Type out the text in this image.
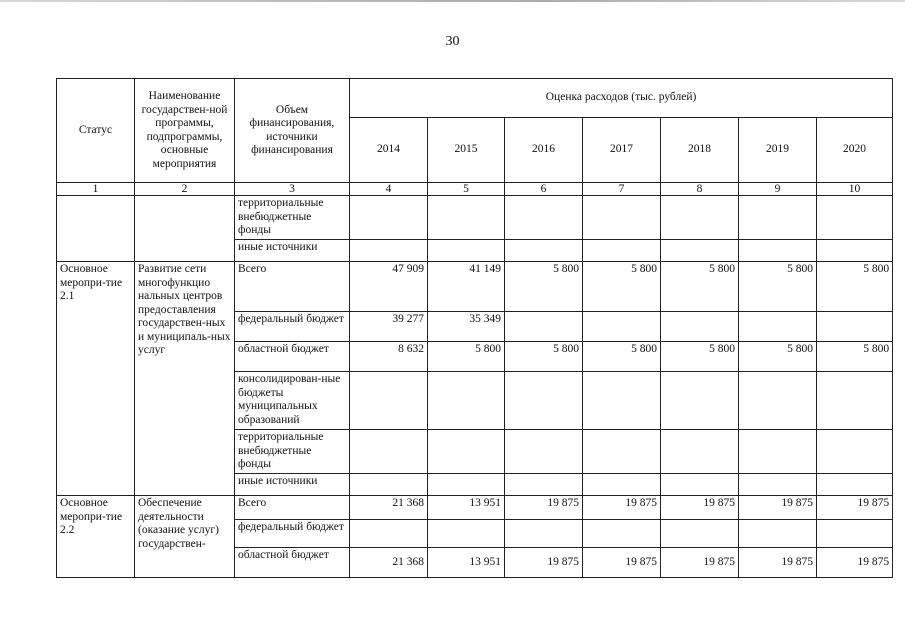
30
Статус	Наименование государствен-ной программы, подпрограммы, основные мероприятия	Объем финансирования, источники финансирования	Оценка расходов (тыс. рублей)						
			2014	2015	2016	2017	2018	2019	2020
1	2	3	4	5	6	7	8	9	10
		территориальные внебюджетные фонды							
		иные источники							
Основное меропри-тие 2.1	Развитие сети многофункцио нальных центров предоставления государствен-ных и муниципаль-ных услуг	Всего	47 909	41 149	5 800	5 800	5 800	5 800	5 800
		федеральный бюджет	39 277	35 349					
		областной бюджет	8 632	5 800	5 800	5 800	5 800	5 800	5 800
		консолидирован-ные бюджеты муниципальных образований							
		территориальные внебюджетные фонды							
		иные источники							
Основное меропри-тие 2.2	Обеспечение деятельности (оказание услуг) государствен-	Всего	21 368	13 951	19 875	19 875	19 875	19 875	19 875
		федеральный бюджет							
		областной бюджет	21 368	13 951	19 875	19 875	19 875	19 875	19 875
